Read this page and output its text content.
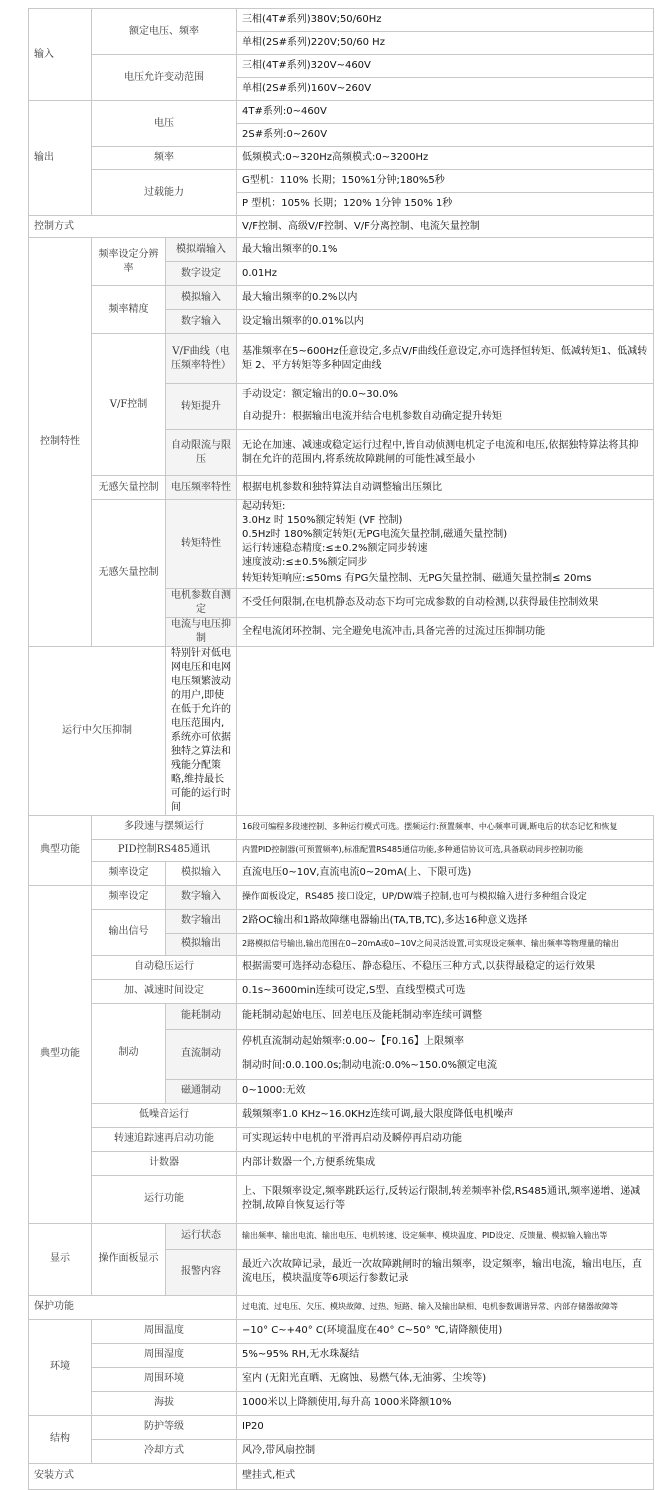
输入	额定电压、频率		三相(4T#系列)380V;50/60Hz
			单相(2S#系列)220V;50/60 Hz
	电压允许变动范围		三相(4T#系列)320V~460V
			单相(2S#系列)160V~260V
输出	电压		4T#系列:0~460V
			2S#系列:0~260V
	频率		低频模式:0~320Hz高频模式:0~3200Hz
	过载能力		G型机：110% 长期；150%1分钟;180%5秒
			P 型机：105% 长期；120% 1分钟 150% 1秒
控制方式			V/F控制、高级V/F控制、V/F分离控制、电流矢量控制
控制特性	频率设定分辨率	模拟端输入	最大输出频率的0.1%
		数字设定	0.01Hz
	频率精度	模拟输入	最大输出频率的0.2%以内
		数字输入	设定输出频率的0.01%以内
	V/F控制	V/F曲线（电压频率特性）	基准频率在5~600Hz任意设定,多点V/F曲线任意设定,亦可选择恒转矩、低减转矩1、低减转矩 2、平方转矩等多种固定曲线
		转矩提升	手动设定：额定输出的0.0~30.0%
			自动提升：根据输出电流并结合电机参数自动确定提升转矩
		自动限流与限压	无论在加速、减速或稳定运行过程中,皆自动侦测电机定子电流和电压,依据独特算法将其抑制在允许的范围内,将系统故障跳闸的可能性减至最小
	无感矢量控制	电压频率特性	根据电机参数和独特算法自动调整输出压频比
	无感矢量控制	转矩特性	起动转矩:
			3.0Hz 时 150%额定转矩 (VF 控制)
			0.5Hz时 180%额定转矩(无PG电流矢量控制,磁通矢量控制)
			运行转速稳态精度:≤±0.2%额定同步转速
			速度波动:≤±0.5%额定同步
			转矩转矩响应:≤50ms 有PG矢量控制、无PG矢量控制、磁通矢量控制≤ 20ms
		电机参数自测定	不受任何限制,在电机静态及动态下均可完成参数的自动检测,以获得最佳控制效果
		电流与电压抑制	全程电流闭环控制、完全避免电流冲击,具备完善的过流过压抑制功能
运行中欠压抑制		特别针对低电网电压和电网电压频繁波动的用户,即使在低于允许的电压范围内,系统亦可依据独特之算法和残能分配策略,维持最长可能的运行时间	
典型功能	多段速与摆频运行		16段可编程多段速控制、多种运行模式可选。摆频运行:预置频率、中心频率可调,断电后的状态记忆和恢复
	PID控制RS485通讯		内置PID控制器(可预置频率),标准配置RS485通信功能,多种通信协议可选,具备联动同步控制功能
	频率设定	模拟输入	直流电压0~10V,直流电流0~20mA(上、下限可选)
典型功能	频率设定	数字输入	操作面板设定，RS485 接口设定，UP/DW端子控制,也可与模拟输入进行多种组合设定
	输出信号	数字输出	2路OC输出和1路故障继电器输出(TA,TB,TC),多达16种意义选择
		模拟输出	2路模拟信号输出,输出范围在0~20mA或0~10V之间灵活设置,可实现设定频率、输出频率等物理量的输出
	自动稳压运行		根据需要可选择动态稳压、静态稳压、不稳压三种方式,以获得最稳定的运行效果
	加、减速时间设定		0.1s~3600min连续可设定,S型、直线型模式可选
	制动	能耗制动	能耗制动起始电压、回差电压及能耗制动率连续可调整
		直流制动	停机直流制动起始频率:0.00~【F0.16】上限频率
			制动时间:0.0.100.0s;制动电流:0.0%~150.0%额定电流
		磁通制动	0~1000:无效
	低噪音运行		载频频率1.0 KHz~16.0KHz连续可调,最大限度降低电机噪声
	转速追踪速再启动功能		可实现运转中电机的平滑再启动及瞬停再启动功能
	计数器		内部计数器一个,方便系统集成
	运行功能		上、下限频率设定,频率跳跃运行,反转运行限制,转差频率补偿,RS485通讯,频率递增、递减控制,故障自恢复运行等
显示	操作面板显示	运行状态	输出频率、输出电流、输出电压、电机转速、设定频率、模块温度、PID设定、反馈量、模拟输入输出等
		报警内容	最近六次故障记录，最近一次故障跳闸时的输出频率，设定频率，输出电流，输出电压，直流电压，模块温度等6项运行参数记录
保护功能			过电流、过电压、欠压、模块故障、过热、短路、输入及输出缺相、电机参数调谐异常、内部存储器故障等
环境	周围温度		−10° C~+40° C(环境温度在40° C~50° ℃,请降额使用)
	周围湿度		5%~95% RH,无水珠凝结
	周围环境		室内 (无阳光直晒、无腐蚀、易燃气体,无油雾、尘埃等)
	海拔		1000米以上降额使用,每升高 1000米降额10%
结构	防护等级		IP20
	冷却方式		风冷,带风扇控制
安装方式			壁挂式,柜式
